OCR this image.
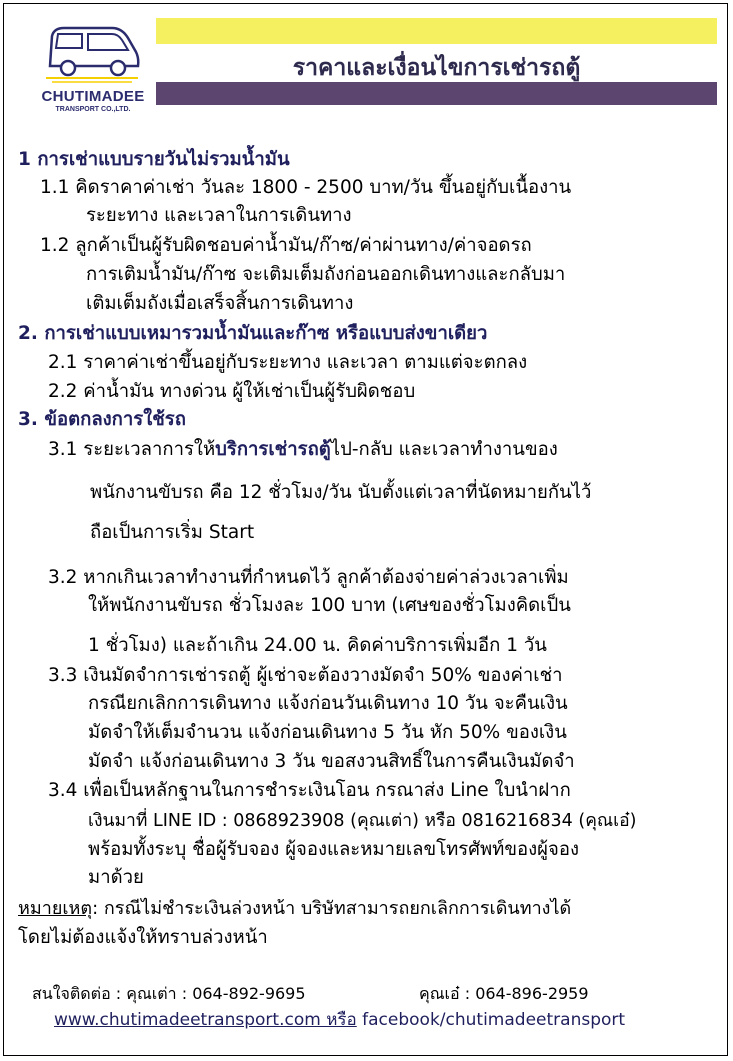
CHUTIMADEE
TRANSPORT CO.,LTD.
ราคาและเงื่อนไขการเช่ารถตู้
1 การเช่าแบบรายวันไม่รวมน้ำมัน
1.1 คิดราคาค่าเช่า วันละ 1800 - 2500 บาท/วัน ขึ้นอยู่กับเนื้องาน
ระยะทาง และเวลาในการเดินทาง
1.2 ลูกค้าเป็นผู้รับผิดชอบค่าน้ำมัน/ก๊าซ/ค่าผ่านทาง/ค่าจอดรถ
การเติมน้ำมัน/ก๊าซ จะเติมเต็มถังก่อนออกเดินทางและกลับมา
เติมเต็มถังเมื่อเสร็จสิ้นการเดินทาง
2. การเช่าแบบเหมารวมน้ำมันและก๊าซ หรือแบบส่งขาเดียว
2.1 ราคาค่าเช่าขึ้นอยู่กับระยะทาง และเวลา ตามแต่จะตกลง
2.2 ค่าน้ำมัน ทางด่วน ผู้ให้เช่าเป็นผู้รับผิดชอบ
3. ข้อตกลงการใช้รถ
3.1 ระยะเวลาการให้บริการเช่ารถตู้ไป-กลับ และเวลาทำงานของ
พนักงานขับรถ คือ 12 ชั่วโมง/วัน นับตั้งแต่เวลาที่นัดหมายกันไว้
ถือเป็นการเริ่ม Start
3.2 หากเกินเวลาทำงานที่กำหนดไว้ ลูกค้าต้องจ่ายค่าล่วงเวลาเพิ่ม
ให้พนักงานขับรถ ชั่วโมงละ 100 บาท (เศษของชั่วโมงคิดเป็น
1 ชั่วโมง) และถ้าเกิน 24.00 น. คิดค่าบริการเพิ่มอีก 1 วัน
3.3 เงินมัดจำการเช่ารถตู้ ผู้เช่าจะต้องวางมัดจำ 50% ของค่าเช่า
กรณียกเลิกการเดินทาง แจ้งก่อนวันเดินทาง 10 วัน จะคืนเงิน
มัดจำให้เต็มจำนวน แจ้งก่อนเดินทาง 5 วัน หัก 50% ของเงิน
มัดจำ แจ้งก่อนเดินทาง 3 วัน ขอสงวนสิทธิ์ในการคืนเงินมัดจำ
3.4 เพื่อเป็นหลักฐานในการชำระเงินโอน กรณาส่ง Line ใบนำฝาก
เงินมาที่ LINE ID : 0868923908 (คุณเต่า) หรือ 0816216834 (คุณเอ๋)
พร้อมทั้งระบุ ชื่อผู้รับจอง ผู้จองและหมายเลขโทรศัพท์ของผู้จอง
มาด้วย
หมายเหตุ: กรณีไม่ชำระเงินล่วงหน้า บริษัทสามารถยกเลิกการเดินทางได้
โดยไม่ต้องแจ้งให้ทราบล่วงหน้า
สนใจติดต่อ : คุณเต่า : 064-892-9695	คุณเอ๋ : 064-896-2959
www.chutimadeetransport.com หรือ facebook/chutimadeetransport
